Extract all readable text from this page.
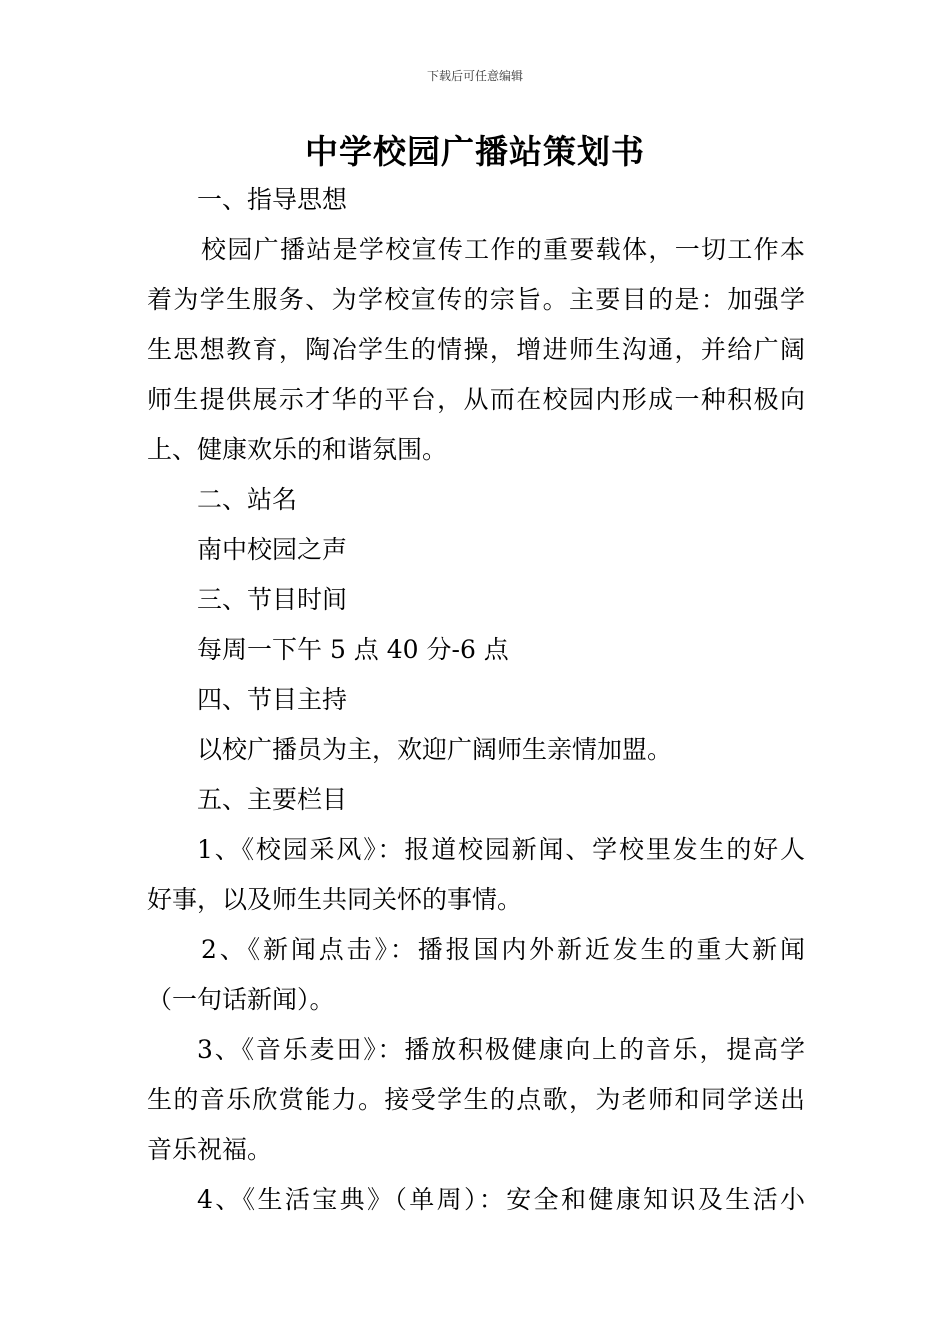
下载后可任意编辑
中学校园广播站策划书
一、指导思想
校园广播站是学校宣传工作的重要载体，一切工作本
着为学生服务、为学校宣传的宗旨。主要目的是：加强学
生思想教育，陶冶学生的情操，增进师生沟通，并给广阔
师生提供展示才华的平台，从而在校园内形成一种积极向
上、健康欢乐的和谐氛围。
二、站名
南中校园之声
三、节目时间
每周一下午 5 点 40 分-6 点
四、节目主持
以校广播员为主，欢迎广阔师生亲情加盟。
五、主要栏目
1、《校园采风》：报道校园新闻、学校里发生的好人
好事，以及师生共同关怀的事情。
2、《新闻点击》：播报国内外新近发生的重大新闻
（一句话新闻）。
3、《音乐麦田》：播放积极健康向上的音乐，提高学
生的音乐欣赏能力。接受学生的点歌，为老师和同学送出
音乐祝福。
4、《生活宝典》（单周）：安全和健康知识及生活小
